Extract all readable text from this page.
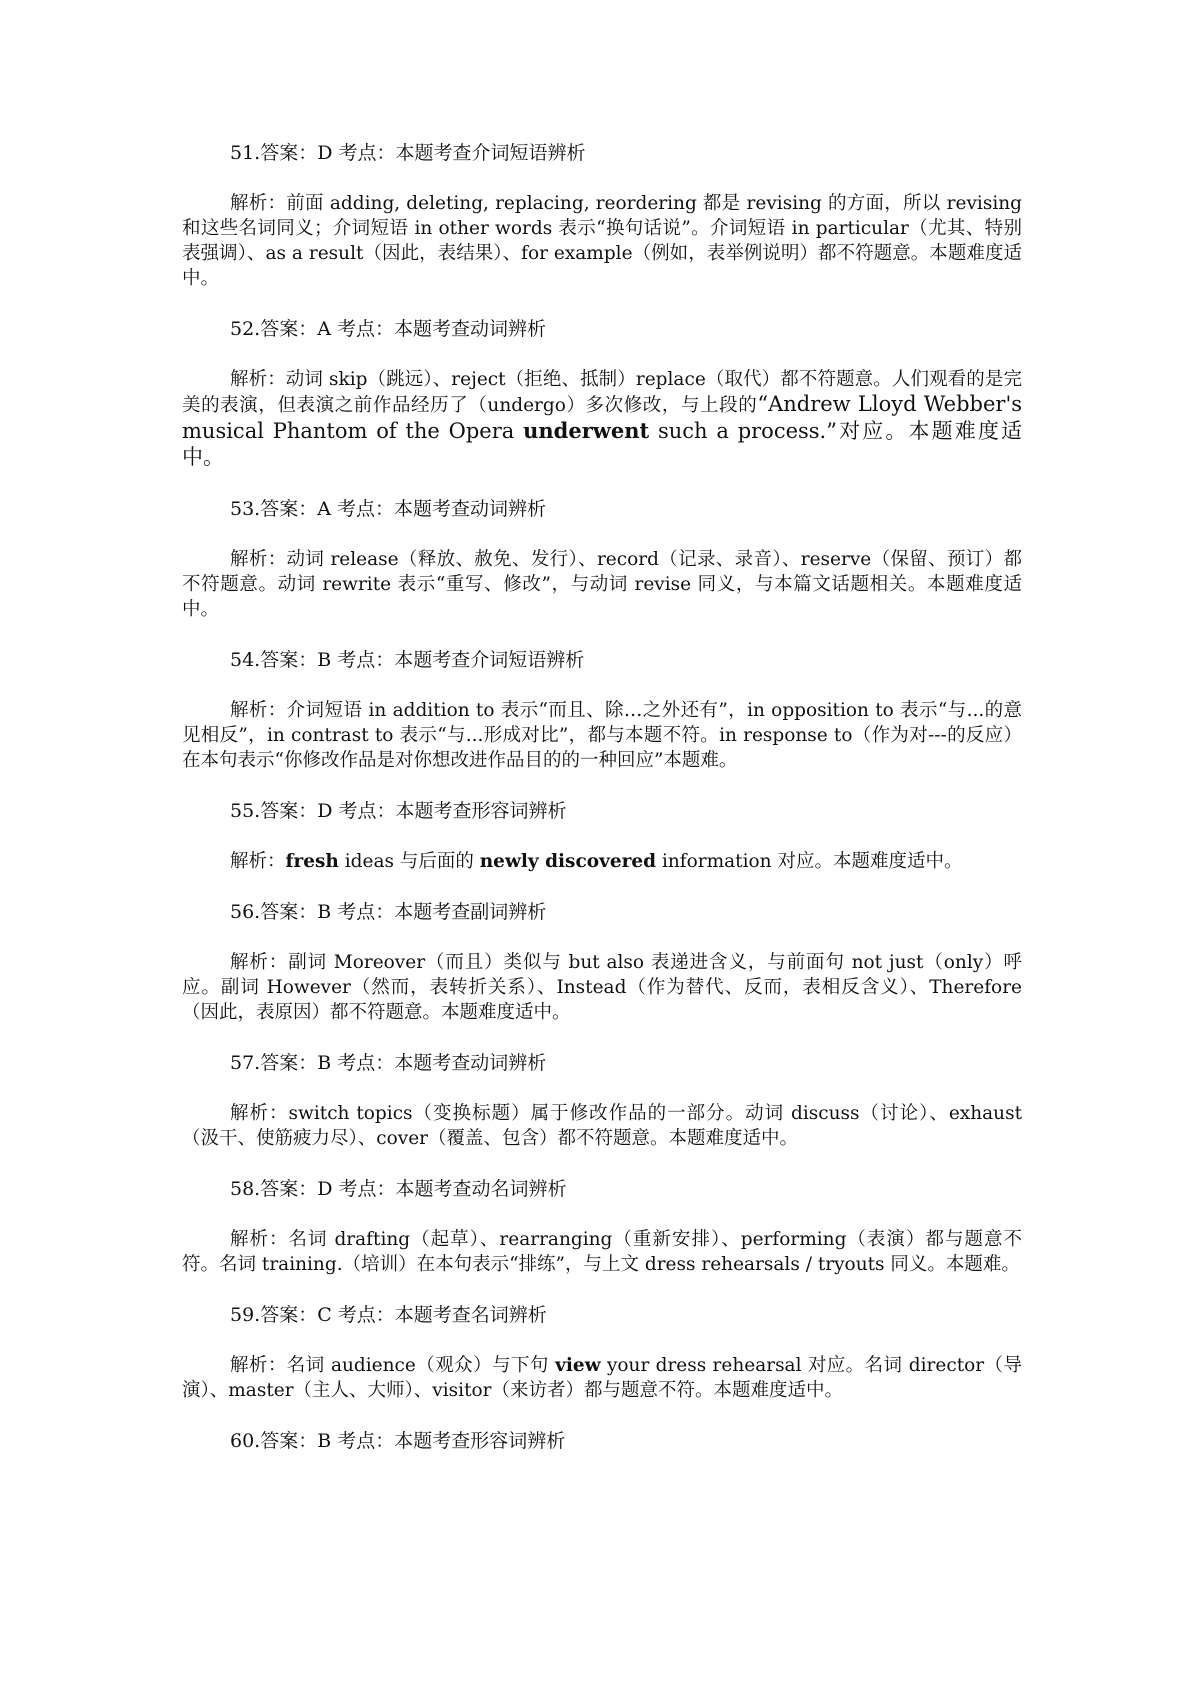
51.答案：D 考点：本题考查介词短语辨析

解析：前面 adding, deleting, replacing, reordering 都是 revising 的方面，所以 revising 和这些名词同义；介词短语 in other words 表示“换句话说”。介词短语 in particular（尤其、特别表强调）、as a result（因此，表结果）、for example（例如，表举例说明）都不符题意。本题难度适中。

52.答案：A 考点：本题考查动词辨析

解析：动词 skip（跳远）、reject（拒绝、抵制）replace（取代）都不符题意。人们观看的是完美的表演，但表演之前作品经历了（undergo）多次修改，与上段的“Andrew Lloyd Webber's musical Phantom of the Opera underwent such a process.”对应。本题难度适中。

53.答案：A 考点：本题考查动词辨析

解析：动词 release（释放、赦免、发行）、record（记录、录音）、reserve（保留、预订）都不符题意。动词 rewrite 表示“重写、修改”，与动词 revise 同义，与本篇文话题相关。本题难度适中。

54.答案：B 考点：本题考查介词短语辨析

解析：介词短语 in addition to 表示“而且、除…之外还有”，in opposition to 表示“与...的意见相反”，in contrast to 表示“与...形成对比”，都与本题不符。in response to（作为对---的反应）在本句表示“你修改作品是对你想改进作品目的的一种回应”本题难。

55.答案：D 考点：本题考查形容词辨析

解析：fresh ideas 与后面的 newly discovered information 对应。本题难度适中。

56.答案：B 考点：本题考查副词辨析

解析：副词 Moreover（而且）类似与 but also 表递进含义，与前面句 not just（only）呼应。副词 However（然而，表转折关系）、Instead（作为替代、反而，表相反含义）、Therefore（因此，表原因）都不符题意。本题难度适中。

57.答案：B 考点：本题考查动词辨析

解析：switch topics（变换标题）属于修改作品的一部分。动词 discuss（讨论）、exhaust（汲干、使筋疲力尽）、cover（覆盖、包含）都不符题意。本题难度适中。

58.答案：D 考点：本题考查动名词辨析

解析：名词 drafting（起草）、rearranging（重新安排）、performing（表演）都与题意不符。名词 training.（培训）在本句表示“排练”，与上文 dress rehearsals / tryouts 同义。本题难。

59.答案：C 考点：本题考查名词辨析

解析：名词 audience（观众）与下句 view your dress rehearsal 对应。名词 director（导演）、master（主人、大师）、visitor（来访者）都与题意不符。本题难度适中。

60.答案：B 考点：本题考查形容词辨析
